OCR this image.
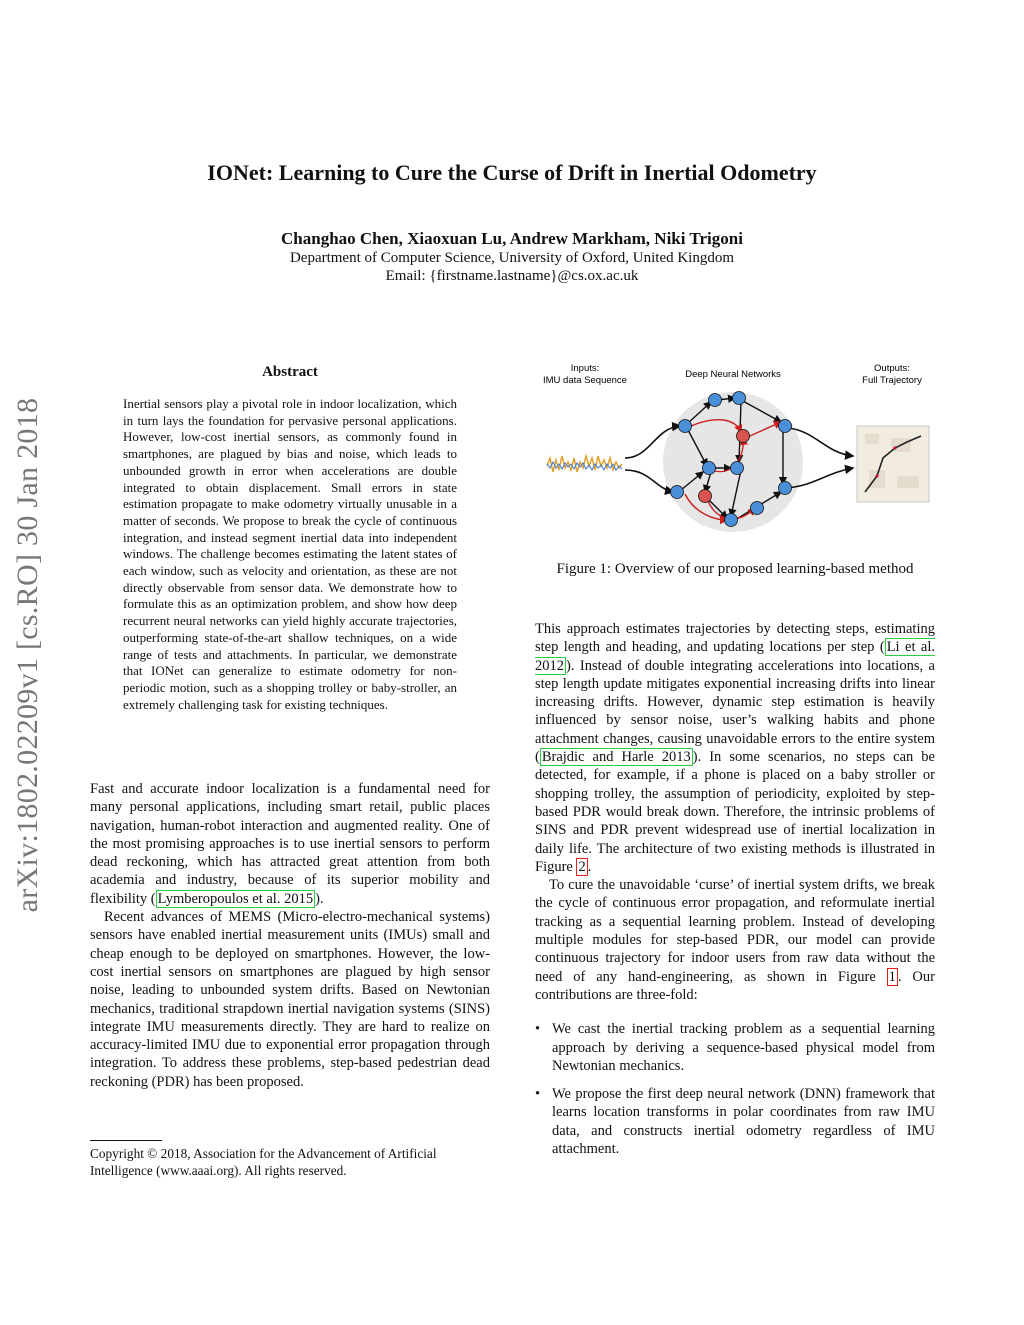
arXiv:1802.02209v1 [cs.RO] 30 Jan 2018
IONet: Learning to Cure the Curse of Drift in Inertial Odometry
Changhao Chen, Xiaoxuan Lu, Andrew Markham, Niki Trigoni
Department of Computer Science, University of Oxford, United Kingdom
Email: {firstname.lastname}@cs.ox.ac.uk
Abstract
Inertial sensors play a pivotal role in indoor localization, which in turn lays the foundation for pervasive personal applications. However, low-cost inertial sensors, as commonly found in smartphones, are plagued by bias and noise, which leads to unbounded growth in error when accelerations are double integrated to obtain displacement. Small errors in state estimation propagate to make odometry virtually unusable in a matter of seconds. We propose to break the cycle of continuous integration, and instead segment inertial data into independent windows. The challenge becomes estimating the latent states of each window, such as velocity and orientation, as these are not directly observable from sensor data. We demonstrate how to formulate this as an optimization problem, and show how deep recurrent neural networks can yield highly accurate trajectories, outperforming state-of-the-art shallow techniques, on a wide range of tests and attachments. In particular, we demonstrate that IONet can generalize to estimate odometry for non-periodic motion, such as a shopping trolley or baby-stroller, an extremely challenging task for existing techniques.

Fast and accurate indoor localization is a fundamental need for many personal applications, including smart retail, public places navigation, human-robot interaction and augmented reality. One of the most promising approaches is to use inertial sensors to perform dead reckoning, which has attracted great attention from both academia and industry, because of its superior mobility and flexibility ( Lymberopoulos et al. 2015 ).

Recent advances of MEMS (Micro-electro-mechanical systems) sensors have enabled inertial measurement units (IMUs) small and cheap enough to be deployed on smartphones. However, the low-cost inertial sensors on smartphones are plagued by high sensor noise, leading to unbounded system drifts. Based on Newtonian mechanics, traditional strapdown inertial navigation systems (SINS) integrate IMU measurements directly. They are hard to realize on accuracy-limited IMU due to exponential error propagation through integration. To address these problems, step-based pedestrian dead reckoning (PDR) has been proposed.

Copyright © 2018, Association for the Advancement of Artificial Intelligence (www.aaai.org). All rights reserved.
Inputs:
IMU data Sequence
Deep Neural Networks
Outputs:
Full Trajectory
Figure 1: Overview of our proposed learning-based method

This approach estimates trajectories by detecting steps, estimating step length and heading, and updating locations per step ( Li et al. 2012 ). Instead of double integrating accelerations into locations, a step length update mitigates exponential increasing drifts into linear increasing drifts. However, dynamic step estimation is heavily influenced by sensor noise, user’s walking habits and phone attachment changes, causing unavoidable errors to the entire system ( Brajdic and Harle 2013 ). In some scenarios, no steps can be detected, for example, if a phone is placed on a baby stroller or shopping trolley, the assumption of periodicity, exploited by step-based PDR would break down. Therefore, the intrinsic problems of SINS and PDR prevent widespread use of inertial localization in daily life. The architecture of two existing methods is illustrated in Figure 2 .

To cure the unavoidable ‘curse’ of inertial system drifts, we break the cycle of continuous error propagation, and reformulate inertial tracking as a sequential learning problem. Instead of developing multiple modules for step-based PDR, our model can provide continuous trajectory for indoor users from raw data without the need of any hand-engineering, as shown in Figure 1 . Our contributions are three-fold:

• We cast the inertial tracking problem as a sequential learning approach by deriving a sequence-based physical model from Newtonian mechanics.
• We propose the first deep neural network (DNN) framework that learns location transforms in polar coordinates from raw IMU data, and constructs inertial odometry regardless of IMU attachment.
